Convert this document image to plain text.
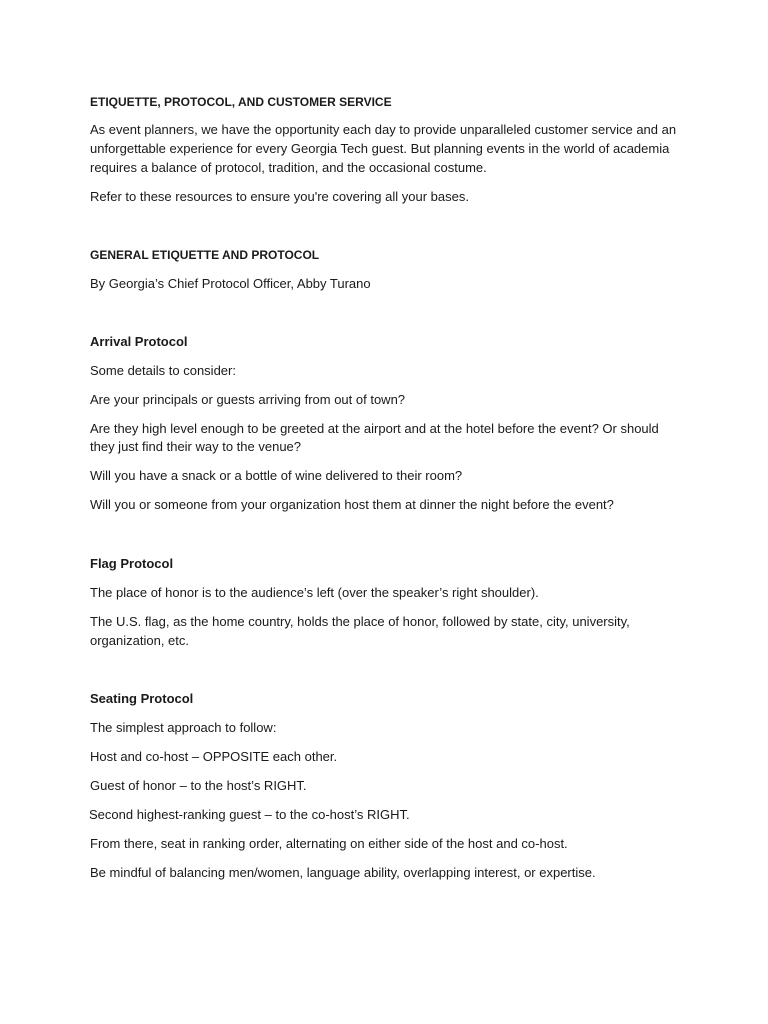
ETIQUETTE, PROTOCOL, AND CUSTOMER SERVICE
As event planners, we have the opportunity each day to provide unparalleled customer service and an
unforgettable experience for every Georgia Tech guest. But planning events in the world of academia
requires a balance of protocol, tradition, and the occasional costume.
Refer to these resources to ensure you're covering all your bases.
GENERAL ETIQUETTE AND PROTOCOL
By Georgia’s Chief Protocol Officer, Abby Turano
Arrival Protocol
Some details to consider:
Are your principals or guests arriving from out of town?
Are they high level enough to be greeted at the airport and at the hotel before the event? Or should
they just find their way to the venue?
Will you have a snack or a bottle of wine delivered to their room?
Will you or someone from your organization host them at dinner the night before the event?
Flag Protocol
The place of honor is to the audience’s left (over the speaker’s right shoulder).
The U.S. flag, as the home country, holds the place of honor, followed by state, city, university,
organization, etc.
Seating Protocol
The simplest approach to follow:
Host and co-host – OPPOSITE each other.
Guest of honor – to the host’s RIGHT.
Second highest-ranking guest – to the co-host’s RIGHT.
From there, seat in ranking order, alternating on either side of the host and co-host.
Be mindful of balancing men/women, language ability, overlapping interest, or expertise.
